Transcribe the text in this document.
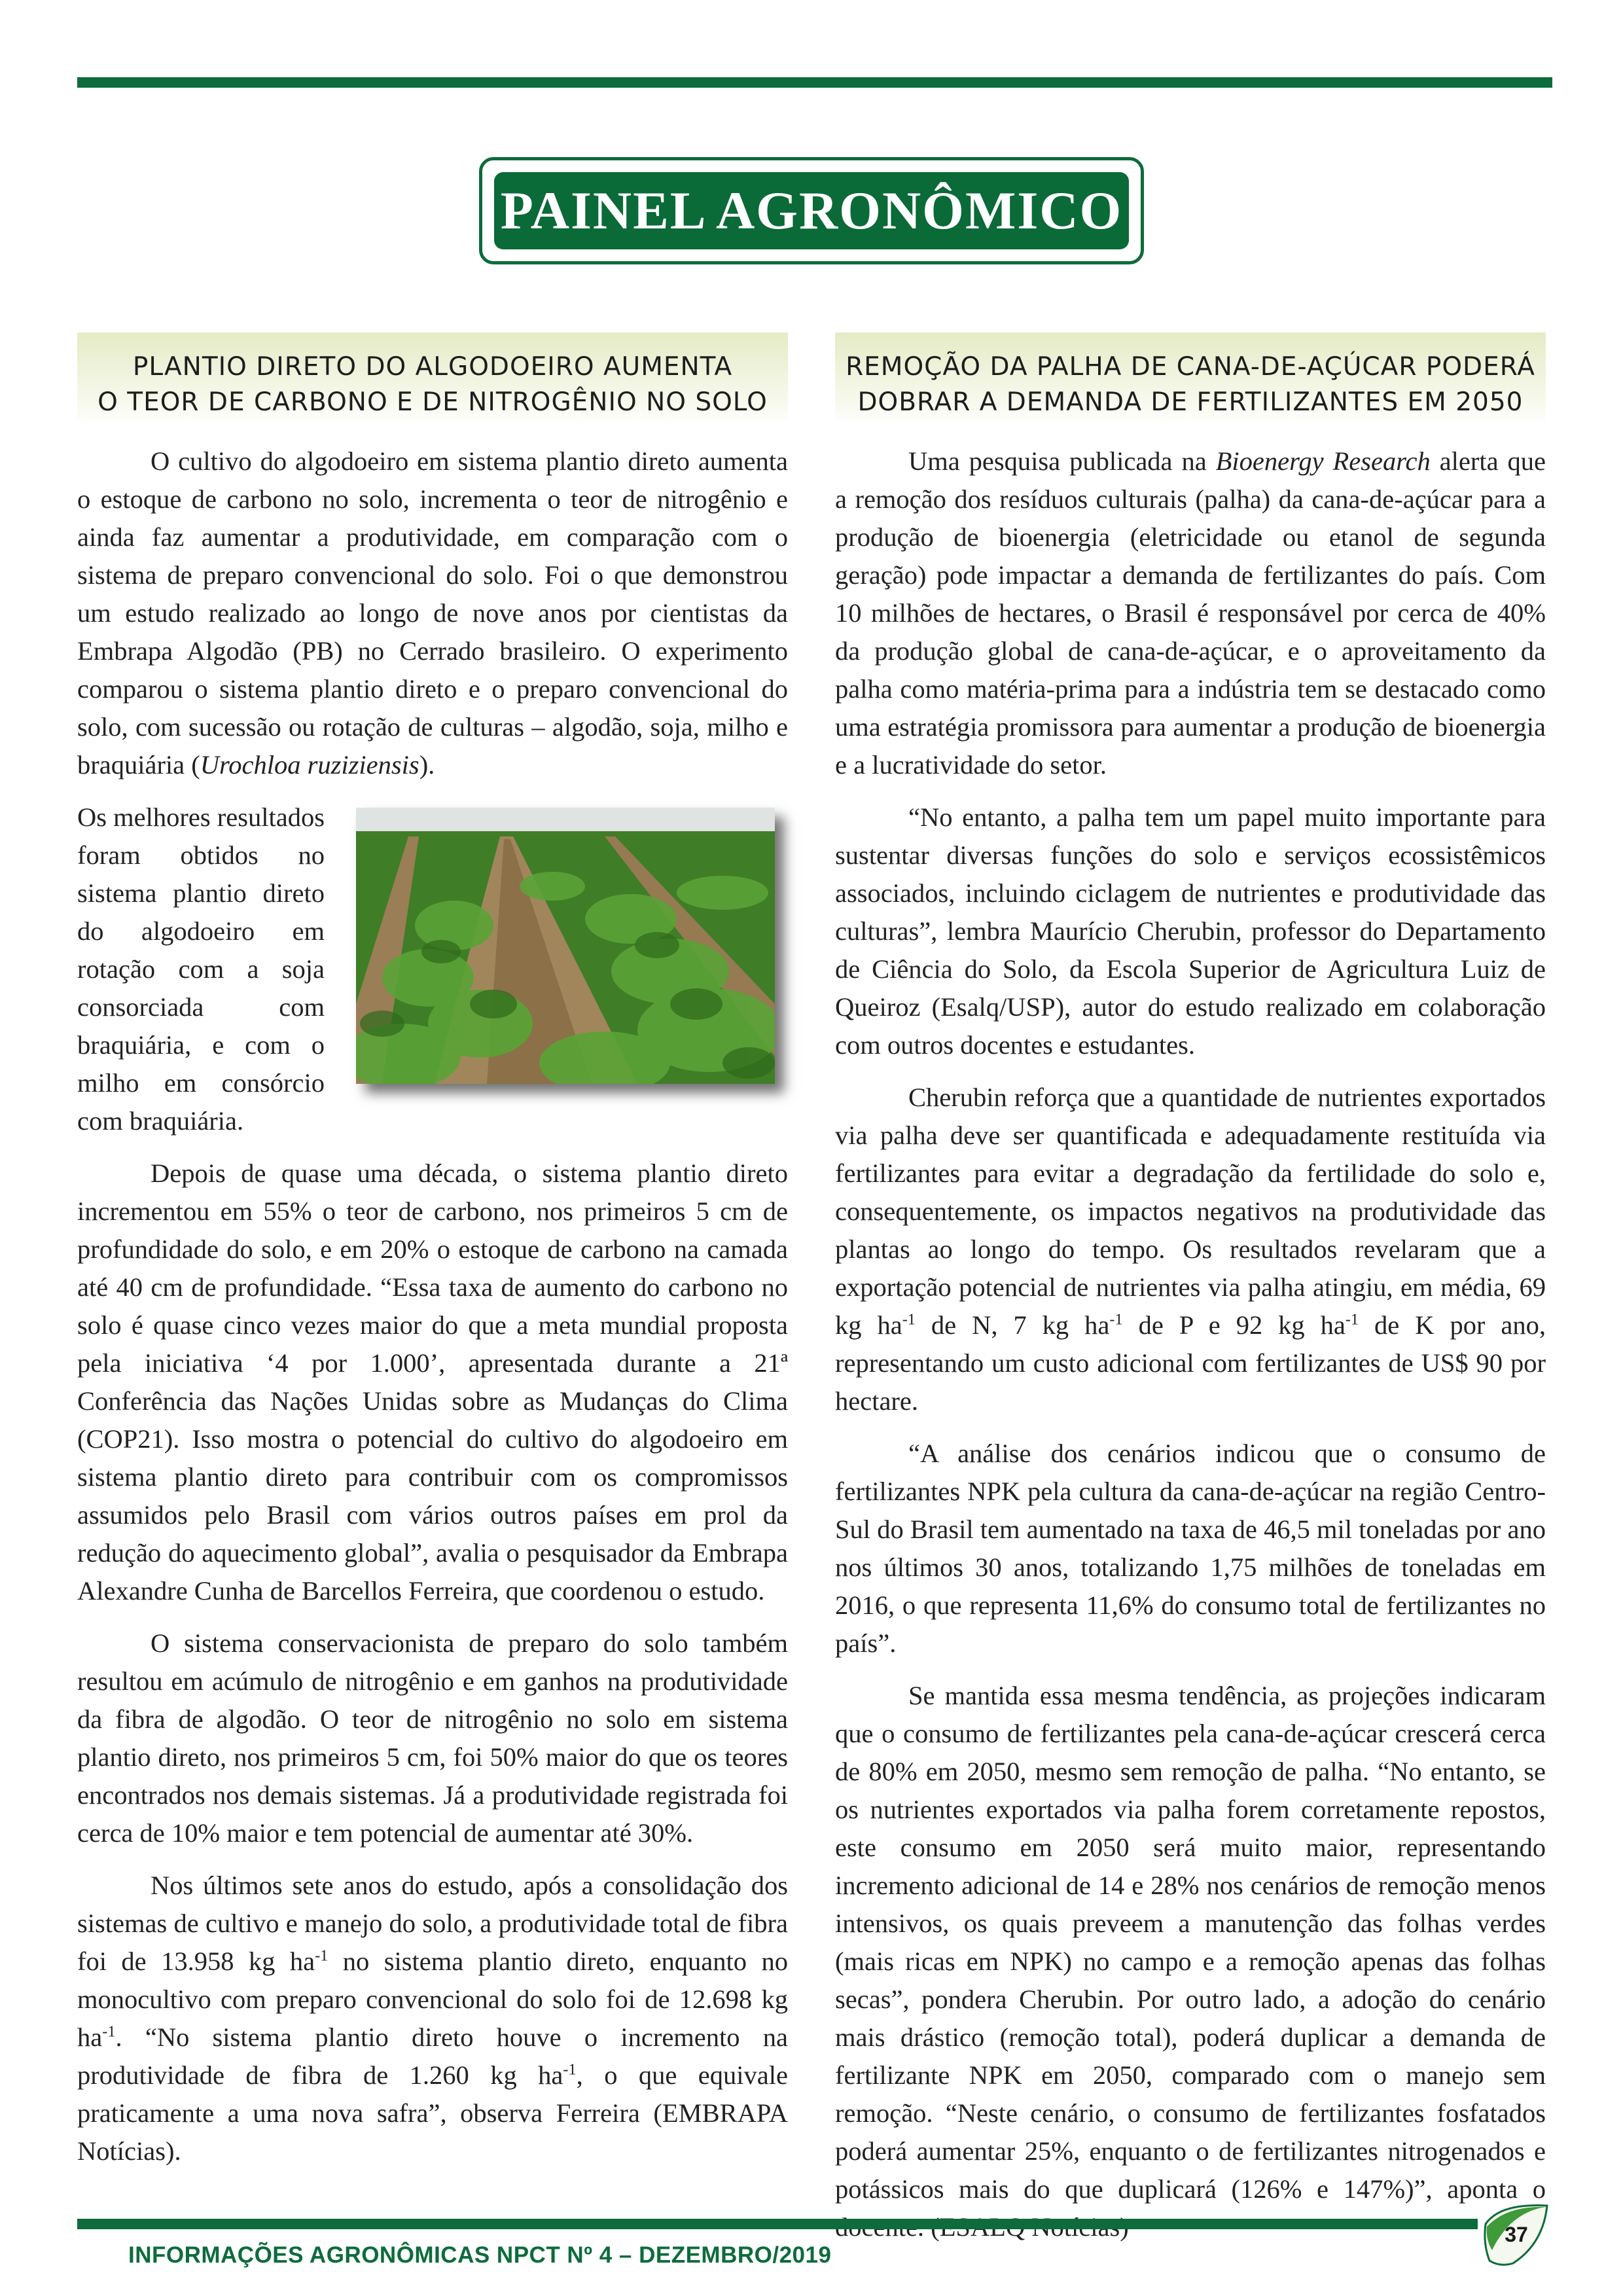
PAINEL AGRONÔMICO
PLANTIO DIRETO DO ALGODOEIRO AUMENTA
O TEOR DE CARBONO E DE NITROGÊNIO NO SOLO

O cultivo do algodoeiro em sistema plantio direto aumenta o estoque de carbono no solo, incrementa o teor de nitrogênio e ainda faz aumentar a produtividade, em comparação com o sistema de preparo convencional do solo. Foi o que demonstrou um estudo realizado ao longo de nove anos por cientistas da Embrapa Algodão (PB) no Cerrado brasileiro. O experimento comparou o sistema plantio direto e o preparo convencional do solo, com sucessão ou rotação de culturas – algodão, soja, milho e braquiária (Urochloa ruziziensis).

Os melhores resultados foram obtidos no sistema plantio direto do algodoeiro em rotação com a soja consorciada com braquiária, e com o milho em consórcio com braquiária.

Depois de quase uma década, o sistema plantio direto incrementou em 55% o teor de carbono, nos primeiros 5 cm de profundidade do solo, e em 20% o estoque de carbono na camada até 40 cm de profundidade. “Essa taxa de aumento do carbono no solo é quase cinco vezes maior do que a meta mundial proposta pela iniciativa ‘4 por 1.000’, apresentada durante a 21ª Conferência das Nações Unidas sobre as Mudanças do Clima (COP21). Isso mostra o potencial do cultivo do algodoeiro em sistema plantio direto para contribuir com os compromissos assumidos pelo Brasil com vários outros países em prol da redução do aquecimento global”, avalia o pesquisador da Embrapa Alexandre Cunha de Barcellos Ferreira, que coordenou o estudo.

O sistema conservacionista de preparo do solo também resultou em acúmulo de nitrogênio e em ganhos na produtividade da fibra de algodão. O teor de nitrogênio no solo em sistema plantio direto, nos primeiros 5 cm, foi 50% maior do que os teores encontrados nos demais sistemas. Já a produtividade registrada foi cerca de 10% maior e tem potencial de aumentar até 30%.

Nos últimos sete anos do estudo, após a consolidação dos sistemas de cultivo e manejo do solo, a produtividade total de fibra foi de 13.958 kg $ha^{-1}$ no sistema plantio direto, enquanto no monocultivo com preparo convencional do solo foi de 12.698 kg $ha^{-1}$. “No sistema plantio direto houve o incremento na produtividade de fibra de 1.260 kg $ha^{-1}$, o que equivale praticamente a uma nova safra”, observa Ferreira (EMBRAPA Notícias).

REMOÇÃO DA PALHA DE CANA-DE-AÇÚCAR PODERÁ
DOBRAR A DEMANDA DE FERTILIZANTES EM 2050

Uma pesquisa publicada na Bioenergy Research alerta que a remoção dos resíduos culturais (palha) da cana-de-açúcar para a produção de bioenergia (eletricidade ou etanol de segunda geração) pode impactar a demanda de fertilizantes do país. Com 10 milhões de hectares, o Brasil é responsável por cerca de 40% da produção global de cana-de-açúcar, e o aproveitamento da palha como matéria-prima para a indústria tem se destacado como uma estratégia promissora para aumentar a produção de bioenergia e a lucratividade do setor.

“No entanto, a palha tem um papel muito importante para sustentar diversas funções do solo e serviços ecossistêmicos associados, incluindo ciclagem de nutrientes e produtividade das culturas”, lembra Maurício Cherubin, professor do Departamento de Ciência do Solo, da Escola Superior de Agricultura Luiz de Queiroz (Esalq/USP), autor do estudo realizado em colaboração com outros docentes e estudantes.

Cherubin reforça que a quantidade de nutrientes exportados via palha deve ser quantificada e adequadamente restituída via fertilizantes para evitar a degradação da fertilidade do solo e, consequentemente, os impactos negativos na produtividade das plantas ao longo do tempo. Os resultados revelaram que a exportação potencial de nutrientes via palha atingiu, em média, 69 kg $ha^{-1}$ de N, 7 kg $ha^{-1}$ de P e 92 kg $ha^{-1}$ de K por ano, representando um custo adicional com fertilizantes de US$ 90 por hectare.

“A análise dos cenários indicou que o consumo de fertilizantes NPK pela cultura da cana-de-açúcar na região Centro-Sul do Brasil tem aumentado na taxa de 46,5 mil toneladas por ano nos últimos 30 anos, totalizando 1,75 milhões de toneladas em 2016, o que representa 11,6% do consumo total de fertilizantes no país”.

Se mantida essa mesma tendência, as projeções indicaram que o consumo de fertilizantes pela cana-de-açúcar crescerá cerca de 80% em 2050, mesmo sem remoção de palha. “No entanto, se os nutrientes exportados via palha forem corretamente repostos, este consumo em 2050 será muito maior, representando incremento adicional de 14 e 28% nos cenários de remoção menos intensivos, os quais preveem a manutenção das folhas verdes (mais ricas em NPK) no campo e a remoção apenas das folhas secas”, pondera Cherubin. Por outro lado, a adoção do cenário mais drástico (remoção total), poderá duplicar a demanda de fertilizante NPK em 2050, comparado com o manejo sem remoção. “Neste cenário, o consumo de fertilizantes fosfatados poderá aumentar 25%, enquanto o de fertilizantes nitrogenados e potássicos mais do que duplicará (126% e 147%)”, aponta o

INFORMAÇÕES AGRONÔMICAS NPCT Nº 4 – DEZEMBRO/2019
37
